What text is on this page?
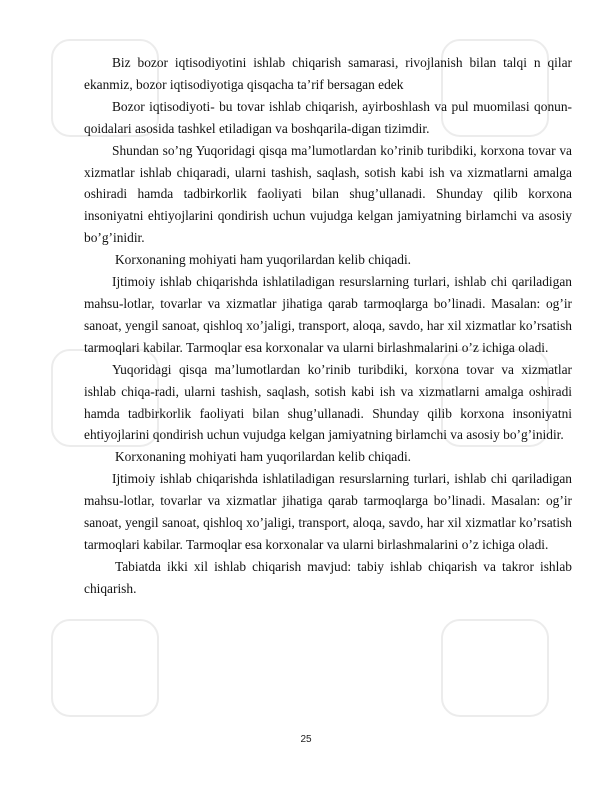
Biz bozor iqtisodiyotini ishlab chiqarish samarasi, rivojlanish bilan talqi n qilar ekanmiz, bozor iqtisodiyotiga qisqacha ta’rif bersagan edek

Bozor iqtisodiyoti- bu tovar ishlab chiqarish, ayirboshlash va pul muomilasi qonun-qoidalari asosida tashkel etiladigan va boshqarila-digan tizimdir.

Shundan so’ng Yuqoridagi qisqa ma’lumotlardan ko’rinib turibdiki, korxona tovar va xizmatlar ishlab chiqaradi, ularni tashish, saqlash, sotish kabi ish va xizmatlarni amalga oshiradi hamda tadbirkorlik faoliyati bilan shug’ullanadi. Shunday qilib korxona insoniyatni ehtiyojlarini qondirish uchun vujudga kelgan jamiyatning birlamchi va asosiy bo’g’inidir.

Korxonaning mohiyati ham yuqorilardan kelib chiqadi.

Ijtimoiy ishlab chiqarishda ishlatiladigan resurslarning turlari, ishlab chi qariladigan mahsu-lotlar, tovarlar va xizmatlar jihatiga qarab tarmoqlarga bo’linadi. Masalan: og’ir sanoat, yengil sanoat, qishloq xo’jaligi, transport, aloqa, savdo, har xil xizmatlar ko’rsatish tarmoqlari kabilar. Tarmoqlar esa korxonalar va ularni birlashmalarini o’z ichiga oladi.

Yuqoridagi qisqa ma’lumotlardan ko’rinib turibdiki, korxona tovar va xizmatlar ishlab chiqa-radi, ularni tashish, saqlash, sotish kabi ish va xizmatlarni amalga oshiradi hamda tadbirkorlik faoliyati bilan shug’ullanadi. Shunday qilib korxona insoniyatni ehtiyojlarini qondirish uchun vujudga kelgan jamiyatning birlamchi va asosiy bo’g’inidir.

Korxonaning mohiyati ham yuqorilardan kelib chiqadi.

Ijtimoiy ishlab chiqarishda ishlatiladigan resurslarning turlari, ishlab chi qariladigan mahsu-lotlar, tovarlar va xizmatlar jihatiga qarab tarmoqlarga bo’linadi. Masalan: og’ir sanoat, yengil sanoat, qishloq xo’jaligi, transport, aloqa, savdo, har xil xizmatlar ko’rsatish tarmoqlari kabilar. Tarmoqlar esa korxonalar va ularni birlashmalarini o’z ichiga oladi.

Tabiatda ikki xil ishlab chiqarish mavjud: tabiy ishlab chiqarish va takror ishlab chiqarish.

25
